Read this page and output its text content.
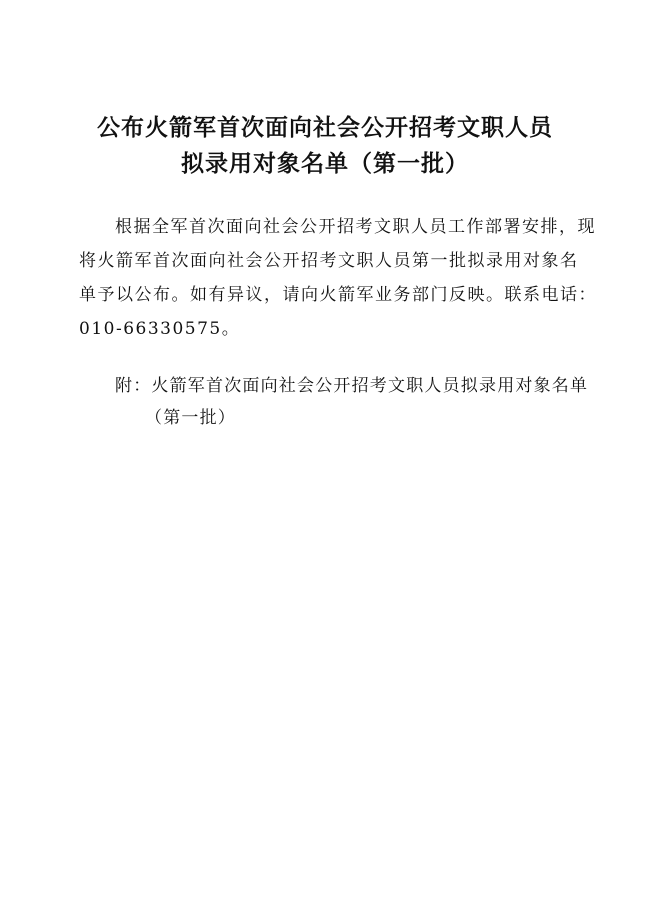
公布火箭军首次面向社会公开招考文职人员
拟录用对象名单（第一批）
根据全军首次面向社会公开招考文职人员工作部署安排，现
将火箭军首次面向社会公开招考文职人员第一批拟录用对象名
单予以公布。如有异议，请向火箭军业务部门反映。联系电话：
010-66330575。
附：火箭军首次面向社会公开招考文职人员拟录用对象名单
（第一批）
